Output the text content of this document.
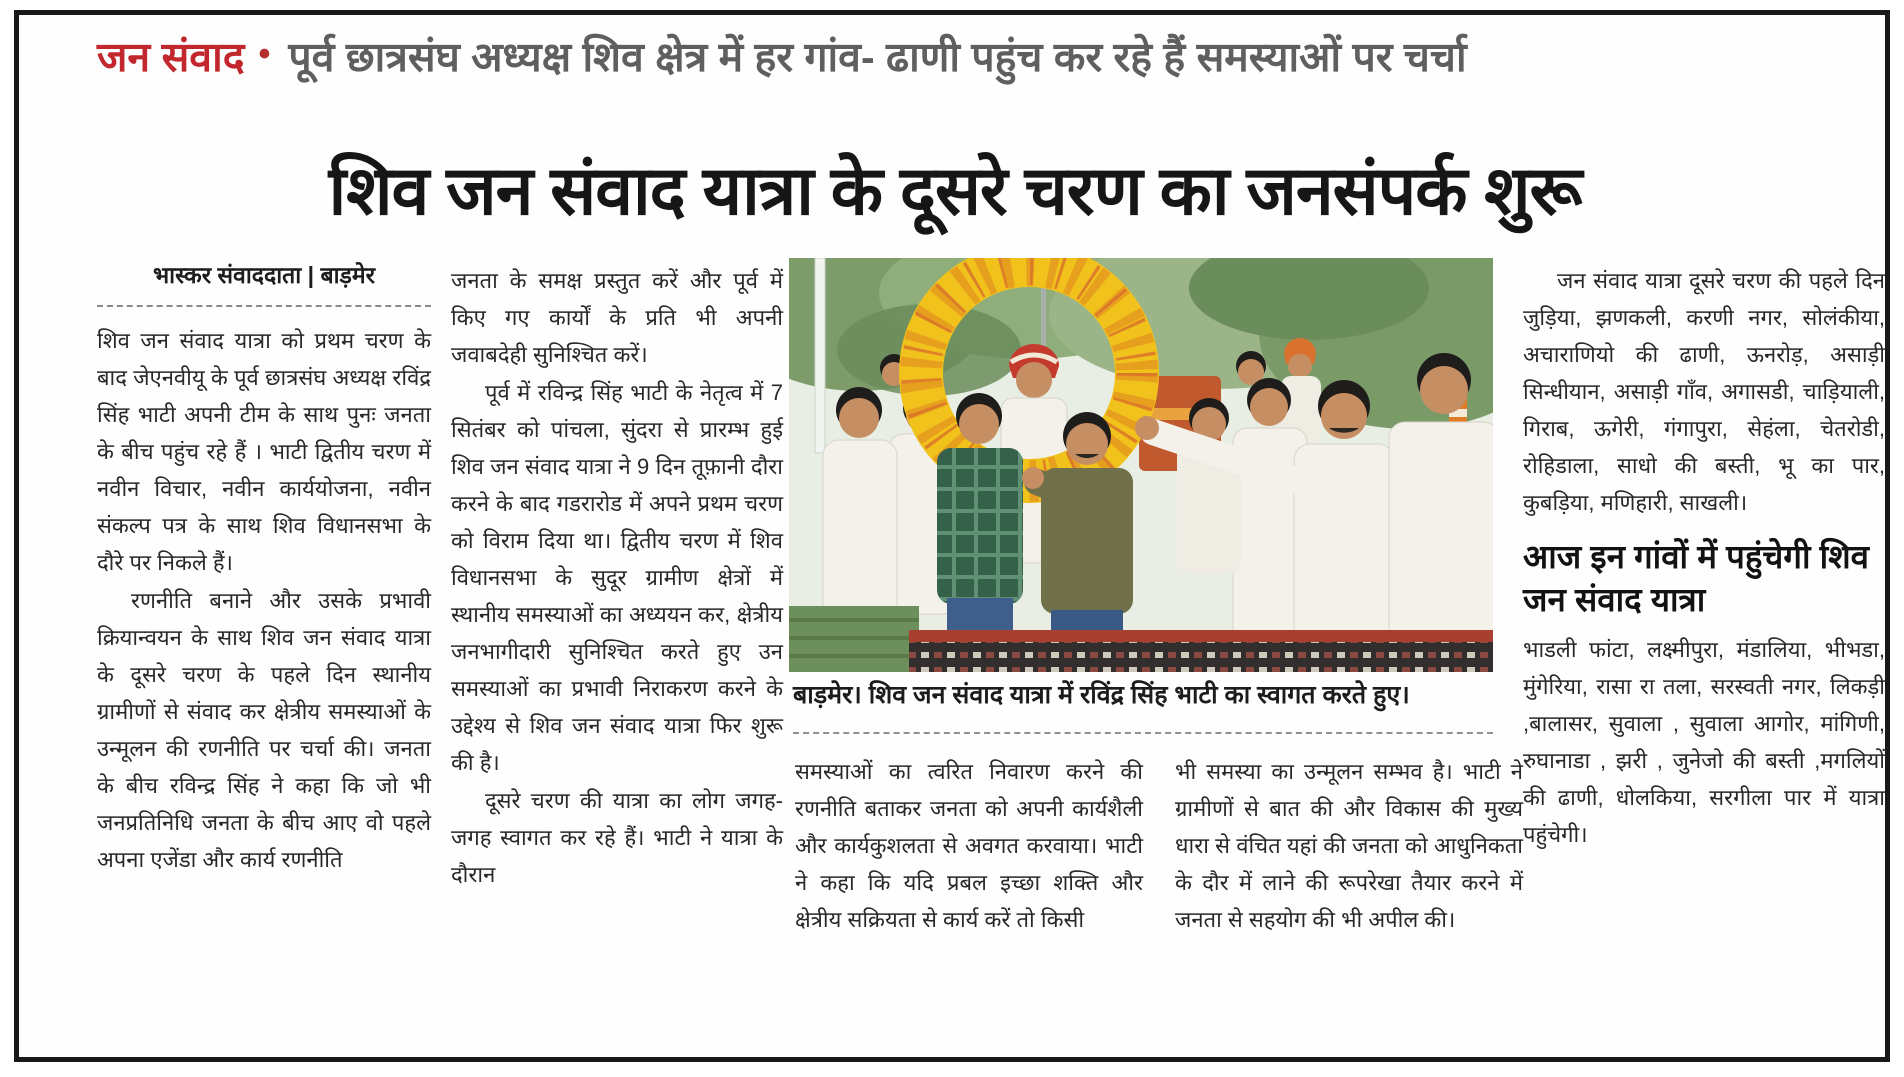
जन संवाद • पूर्व छात्रसंघ अध्यक्ष शिव क्षेत्र में हर गांव- ढाणी पहुंच कर रहे हैं समस्याओं पर चर्चा
शिव जन संवाद यात्रा के दूसरे चरण का जनसंपर्क शुरू
भास्कर संवाददाता | बाड़मेर

शिव जन संवाद यात्रा को प्रथम चरण के बाद जेएनवीयू के पूर्व छात्रसंघ अध्यक्ष रविंद्र सिंह भाटी अपनी टीम के साथ पुनः जनता के बीच पहुंच रहे हैं । भाटी द्वितीय चरण में नवीन विचार, नवीन कार्ययोजना, नवीन संकल्प पत्र के साथ शिव विधानसभा के दौरे पर निकले हैं।

रणनीति बनाने और उसके प्रभावी क्रियान्वयन के साथ शिव जन संवाद यात्रा के दूसरे चरण के पहले दिन स्थानीय ग्रामीणों से संवाद कर क्षेत्रीय समस्याओं के उन्मूलन की रणनीति पर चर्चा की। जनता के बीच रविन्द्र सिंह ने कहा कि जो भी जनप्रतिनिधि जनता के बीच आए वो पहले अपना एजेंडा और कार्य रणनीति

जनता के समक्ष प्रस्तुत करें और पूर्व में किए गए कार्यों के प्रति भी अपनी जवाबदेही सुनिश्चित करें।

पूर्व में रविन्द्र सिंह भाटी के नेतृत्व में 7 सितंबर को पांचला, सुंदरा से प्रारम्भ हुई शिव जन संवाद यात्रा ने 9 दिन तूफ़ानी दौरा करने के बाद गडरारोड में अपने प्रथम चरण को विराम दिया था। द्वितीय चरण में शिव विधानसभा के सुदूर ग्रामीण क्षेत्रों में स्थानीय समस्याओं का अध्ययन कर, क्षेत्रीय जनभागीदारी सुनिश्चित करते हुए उन समस्याओं का प्रभावी निराकरण करने के उद्देश्य से शिव जन संवाद यात्रा फिर शुरू की है।

दूसरे चरण की यात्रा का लोग जगह-जगह स्वागत कर रहे हैं। भाटी ने यात्रा के दौरान

बाड़मेर। शिव जन संवाद यात्रा में रविंद्र सिंह भाटी का स्वागत करते हुए।

समस्याओं का त्वरित निवारण करने की रणनीति बताकर जनता को अपनी कार्यशैली और कार्यकुशलता से अवगत करवाया। भाटी ने कहा कि यदि प्रबल इच्छा शक्ति और क्षेत्रीय सक्रियता से कार्य करें तो किसी

भी समस्या का उन्मूलन सम्भव है। भाटी ने ग्रामीणों से बात की और विकास की मुख्य धारा से वंचित यहां की जनता को आधुनिकता के दौर में लाने की रूपरेखा तैयार करने में जनता से सहयोग की भी अपील की।

जन संवाद यात्रा दूसरे चरण की पहले दिन जुड़िया, झणकली, करणी नगर, सोलंकीया, अचाराणियो की ढाणी, ऊनरोड़, असाड़ी सिन्धीयान, असाड़ी गाँव, अगासडी, चाड़ियाली, गिराब, ऊगेरी, गंगापुरा, सेहंला, चेतरोडी, रोहिडाला, साधो की बस्ती, भू का पार, कुबड़िया, मणिहारी, साखली।

आज इन गांवों में पहुंचेगी शिव जन संवाद यात्रा

भाडली फांटा, लक्ष्मीपुरा, मंडालिया, भीभडा, मुंगेरिया, रासा रा तला, सरस्वती नगर, लिकड़ी ,बालासर, सुवाला , सुवाला आगोर, मांगिणी, रुघानाडा , झरी , जुनेजो की बस्ती ,मगलियों की ढाणी, धोलकिया, सरगीला पार में यात्रा पहुंचेगी।
